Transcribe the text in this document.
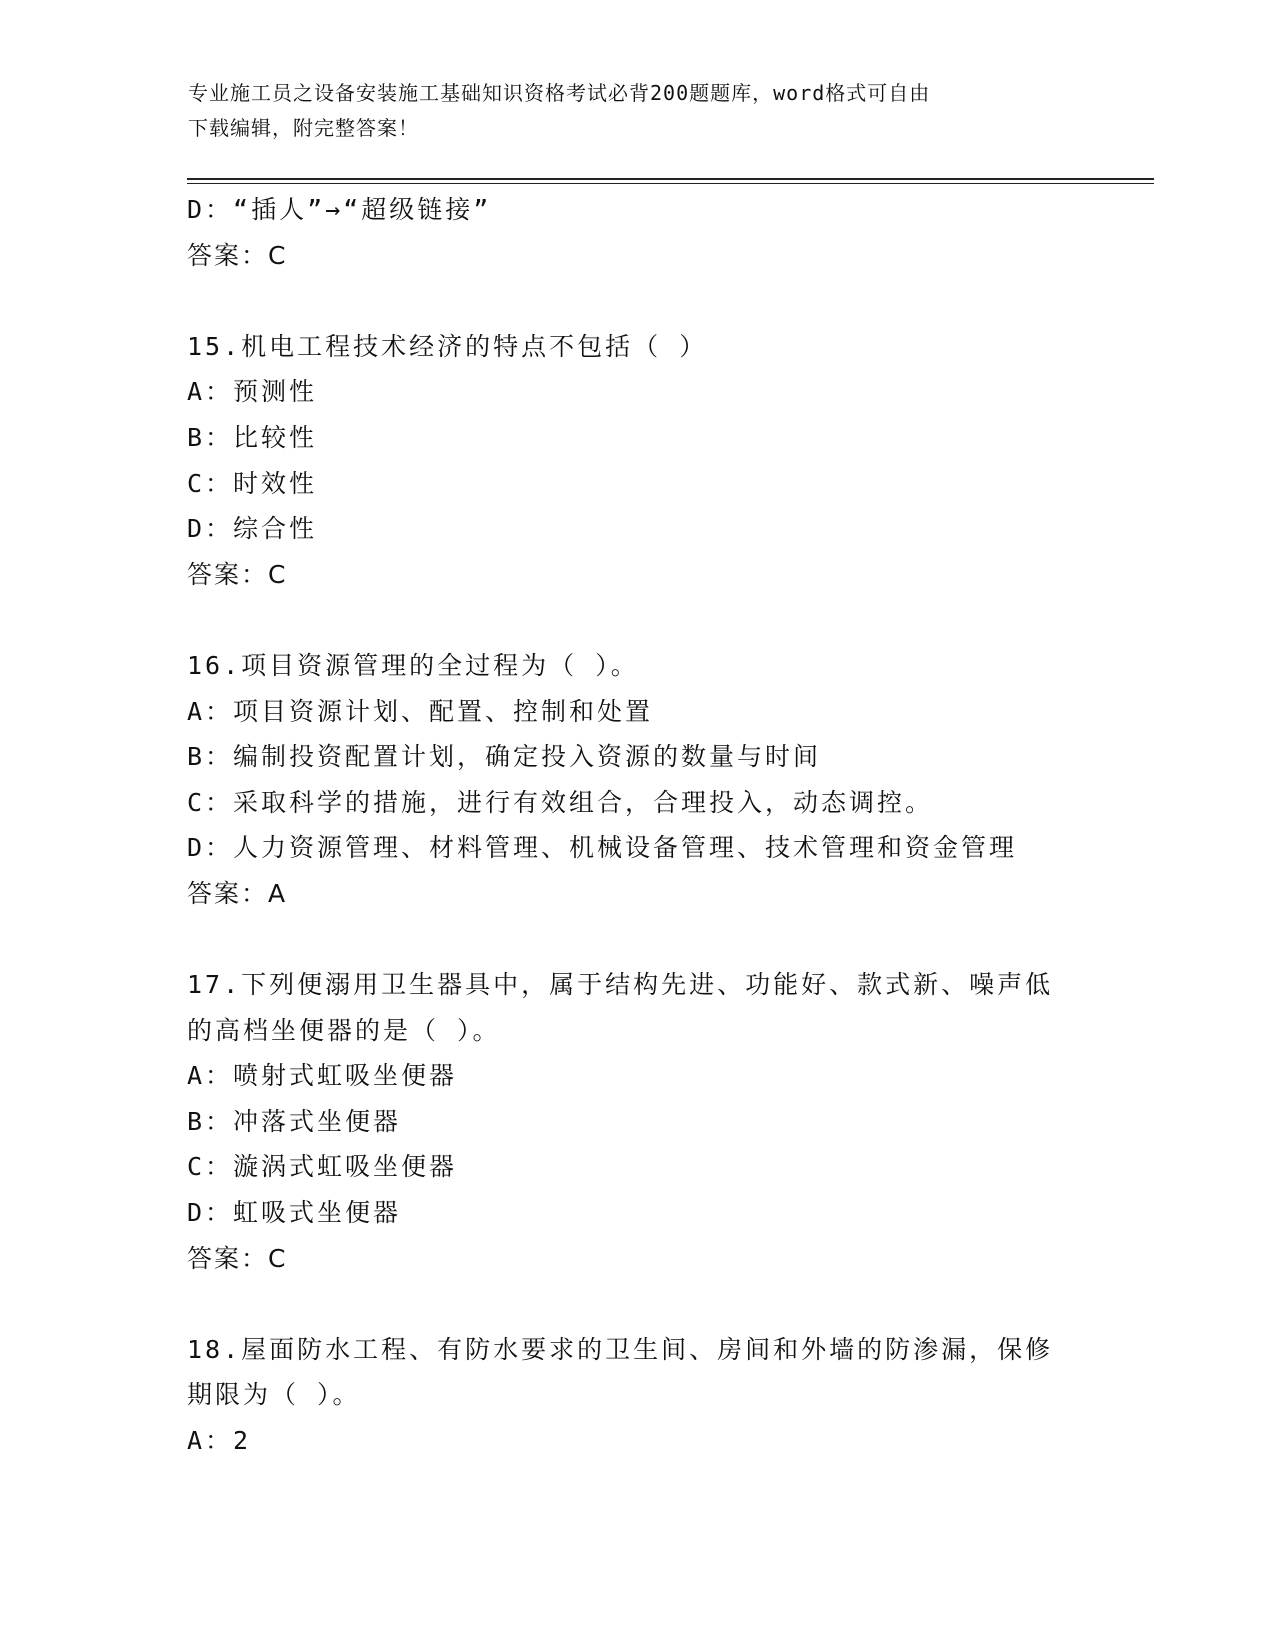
专业施工员之设备安装施工基础知识资格考试必背200题题库，word格式可自由
下载编辑，附完整答案！
D：“插人”→“超级链接”
答案：C
15.机电工程技术经济的特点不包括（ ）
A：预测性
B：比较性
C：时效性
D：综合性
答案：C
16.项目资源管理的全过程为（ ）。
A：项目资源计划、配置、控制和处置
B：编制投资配置计划，确定投入资源的数量与时间
C：采取科学的措施，进行有效组合，合理投入，动态调控。
D：人力资源管理、材料管理、机械设备管理、技术管理和资金管理
答案：A
17.下列便溺用卫生器具中，属于结构先进、功能好、款式新、噪声低
的高档坐便器的是（ ）。
A：喷射式虹吸坐便器
B：冲落式坐便器
C：漩涡式虹吸坐便器
D：虹吸式坐便器
答案：C
18.屋面防水工程、有防水要求的卫生间、房间和外墙的防渗漏，保修
期限为（ ）。
A：2
